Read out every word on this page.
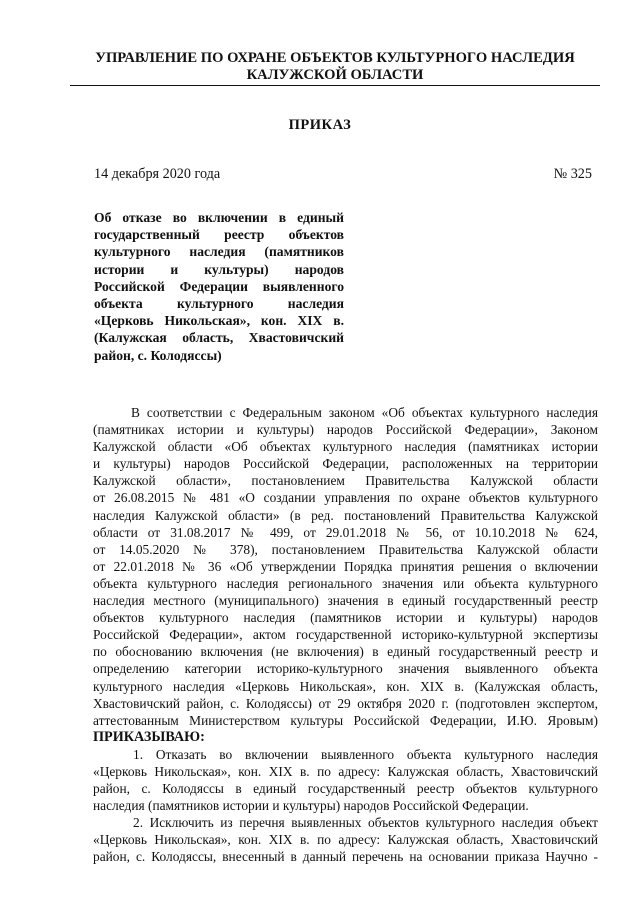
УПРАВЛЕНИЕ ПО ОХРАНЕ ОБЪЕКТОВ КУЛЬТУРНОГО НАСЛЕДИЯ
КАЛУЖСКОЙ ОБЛАСТИ
ПРИКАЗ
14 декабря 2020 года	№ 325
Об отказе во включении в единый
государственный реестр объектов
культурного наследия (памятников
истории и культуры) народов
Российской Федерации выявленного
объекта культурного наследия
«Церковь Никольская», кон. XIX в.
(Калужская область, Хвастовичский
район, с. Колодяссы)
В соответствии с Федеральным законом «Об объектах культурного наследия
(памятниках истории и культуры) народов Российской Федерации», Законом
Калужской области «Об объектах культурного наследия (памятниках истории
и культуры) народов Российской Федерации, расположенных на территории
Калужской области», постановлением Правительства Калужской области
от 26.08.2015 № 481 «О создании управления по охране объектов культурного
наследия Калужской области» (в ред. постановлений Правительства Калужской
области от 31.08.2017 № 499, от 29.01.2018 № 56, от 10.10.2018 № 624,
от 14.05.2020 № 378), постановлением Правительства Калужской области
от 22.01.2018 № 36 «Об утверждении Порядка принятия решения о включении
объекта культурного наследия регионального значения или объекта культурного
наследия местного (муниципального) значения в единый государственный реестр
объектов культурного наследия (памятников истории и культуры) народов
Российской Федерации», актом государственной историко-культурной экспертизы
по обоснованию включения (не включения) в единый государственный реестр и
определению категории историко-культурного значения выявленного объекта
культурного наследия «Церковь Никольская», кон. XIX в. (Калужская область,
Хвастовичский район, с. Колодяссы) от 29 октября 2020 г. (подготовлен экспертом,
аттестованным Министерством культуры Российской Федерации, И.Ю. Яровым)
ПРИКАЗЫВАЮ:
1. Отказать во включении выявленного объекта культурного наследия
«Церковь Никольская», кон. XIX в. по адресу: Калужская область, Хвастовичский
район, с. Колодяссы в единый государственный реестр объектов культурного
наследия (памятников истории и культуры) народов Российской Федерации.
2. Исключить из перечня выявленных объектов культурного наследия объект
«Церковь Никольская», кон. XIX в. по адресу: Калужская область, Хвастовичский
район, с. Колодяссы, внесенный в данный перечень на основании приказа Научно -
